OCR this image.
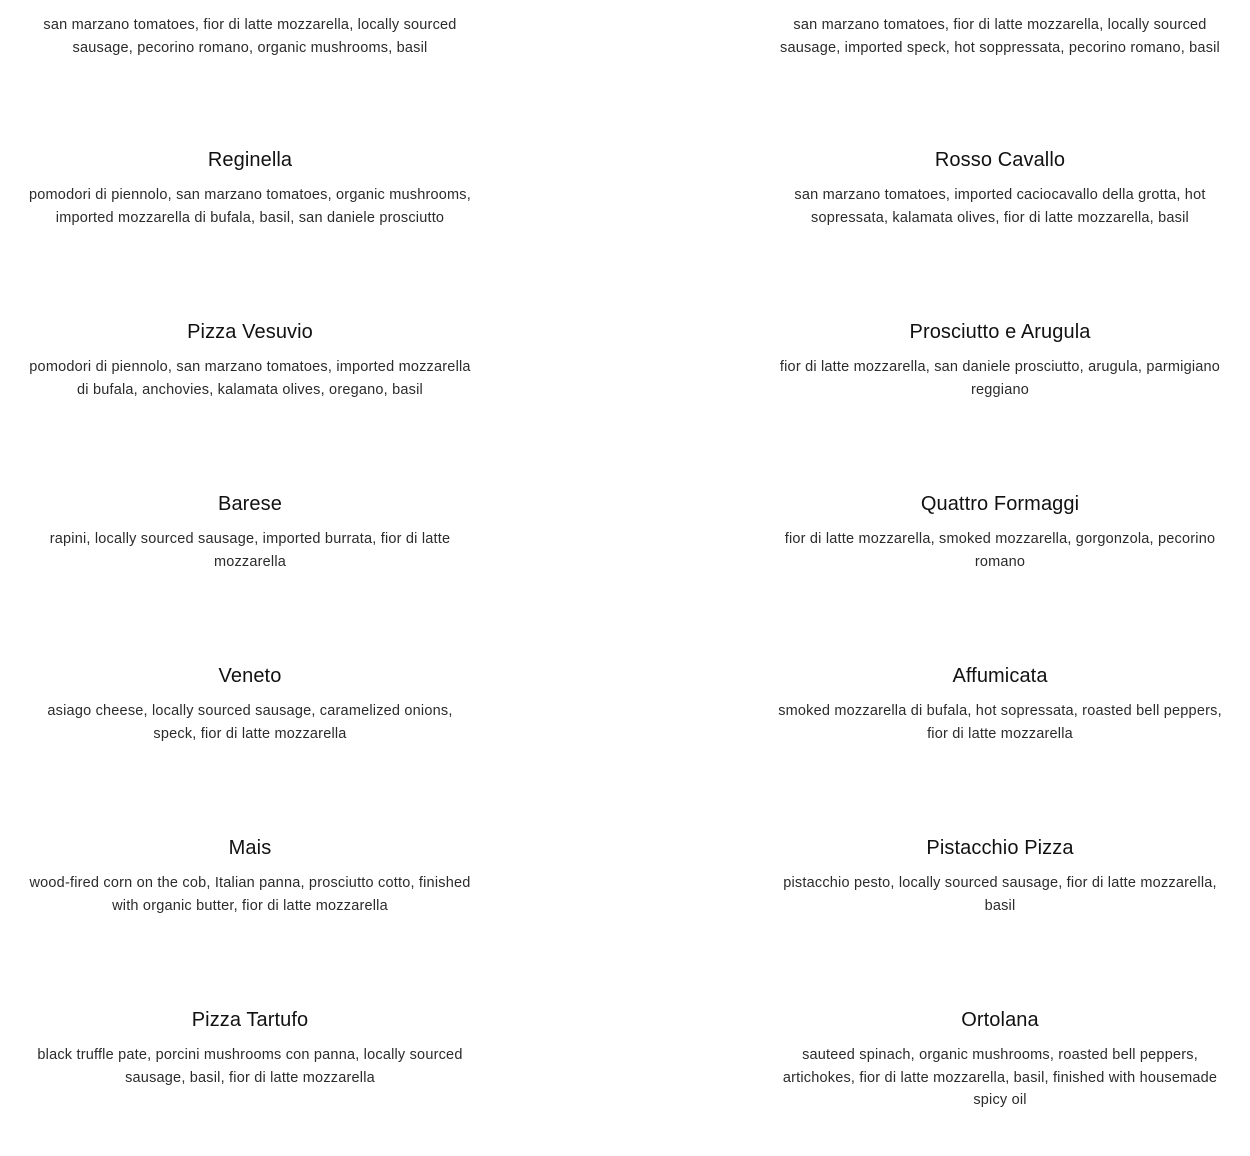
san marzano tomatoes, fior di latte mozzarella, locally sourced sausage, pecorino romano, organic mushrooms, basil

Reginella

pomodori di piennolo, san marzano tomatoes, organic mushrooms, imported mozzarella di bufala, basil, san daniele prosciutto

Pizza Vesuvio

pomodori di piennolo, san marzano tomatoes, imported mozzarella di bufala, anchovies, kalamata olives, oregano, basil

Barese

rapini, locally sourced sausage, imported burrata, fior di latte mozzarella

Veneto

asiago cheese, locally sourced sausage, caramelized onions, speck, fior di latte mozzarella

Mais

wood-fired corn on the cob, Italian panna, prosciutto cotto, finished with organic butter, fior di latte mozzarella

Pizza Tartufo

black truffle pate, porcini mushrooms con panna, locally sourced sausage, basil, fior di latte mozzarella

san marzano tomatoes, fior di latte mozzarella, locally sourced sausage, imported speck, hot soppressata, pecorino romano, basil

Rosso Cavallo

san marzano tomatoes, imported caciocavallo della grotta, hot sopressata, kalamata olives, fior di latte mozzarella, basil

Prosciutto e Arugula

fior di latte mozzarella, san daniele prosciutto, arugula, parmigiano reggiano

Quattro Formaggi

fior di latte mozzarella, smoked mozzarella, gorgonzola, pecorino romano

Affumicata

smoked mozzarella di bufala, hot sopressata, roasted bell peppers, fior di latte mozzarella

Pistacchio Pizza

pistacchio pesto, locally sourced sausage, fior di latte mozzarella, basil

Ortolana

sauteed spinach, organic mushrooms, roasted bell peppers, artichokes, fior di latte mozzarella, basil, finished with housemade spicy oil
